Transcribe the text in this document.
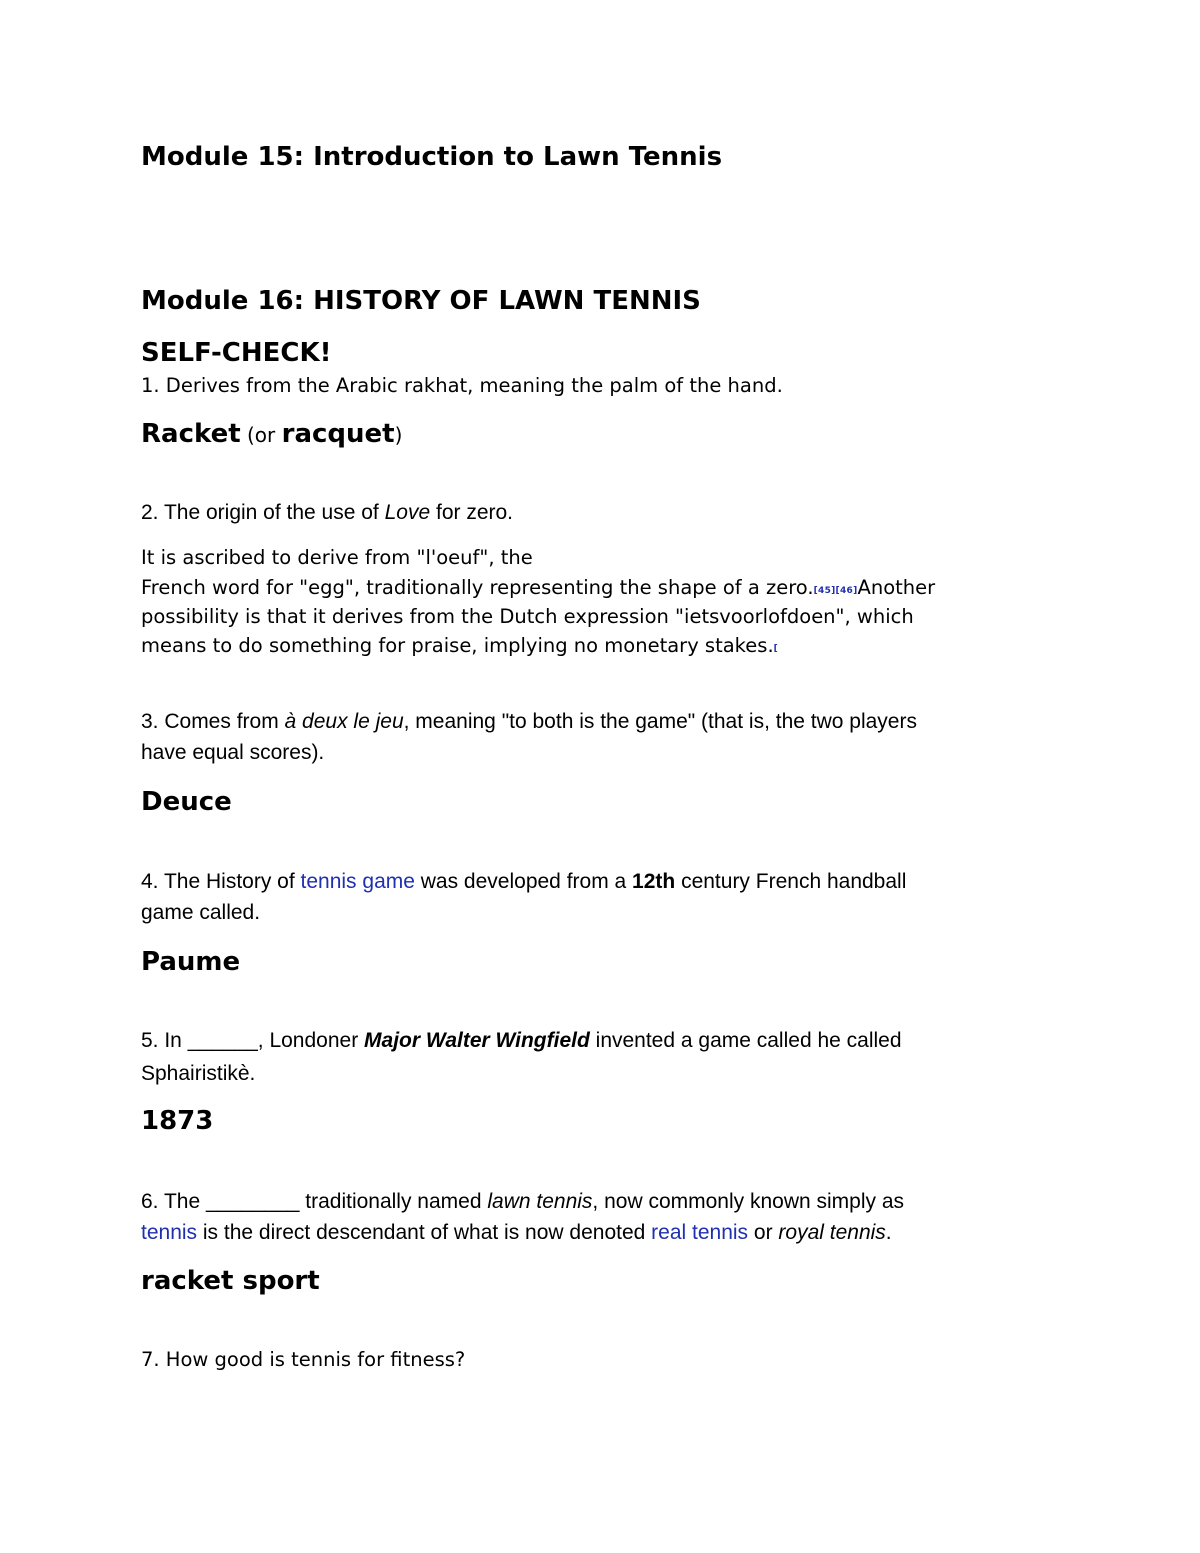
Module 15: Introduction to Lawn Tennis
Module 16: HISTORY OF LAWN TENNIS
SELF-CHECK!
1. Derives from the Arabic rakhat, meaning the palm of the hand.
Racket (or racquet)
2. The origin of the use of Love for zero.
It is ascribed to derive from "l'oeuf", the
French word for "egg", traditionally representing the shape of a zero.[45][46]Another
possibility is that it derives from the Dutch expression "ietsvoorlofdoen", which
means to do something for praise, implying no monetary stakes.[
3. Comes from à deux le jeu, meaning "to both is the game" (that is, the two players
have equal scores).
Deuce
4. The History of tennis game was developed from a 12th century French handball
game called.
Paume
5. In ______, Londoner Major Walter Wingfield invented a game called he called
Sphairistikè.
1873
6. The ________ traditionally named lawn tennis, now commonly known simply as
tennis is the direct descendant of what is now denoted real tennis or royal tennis.
racket sport
7. How good is tennis for fitness?
